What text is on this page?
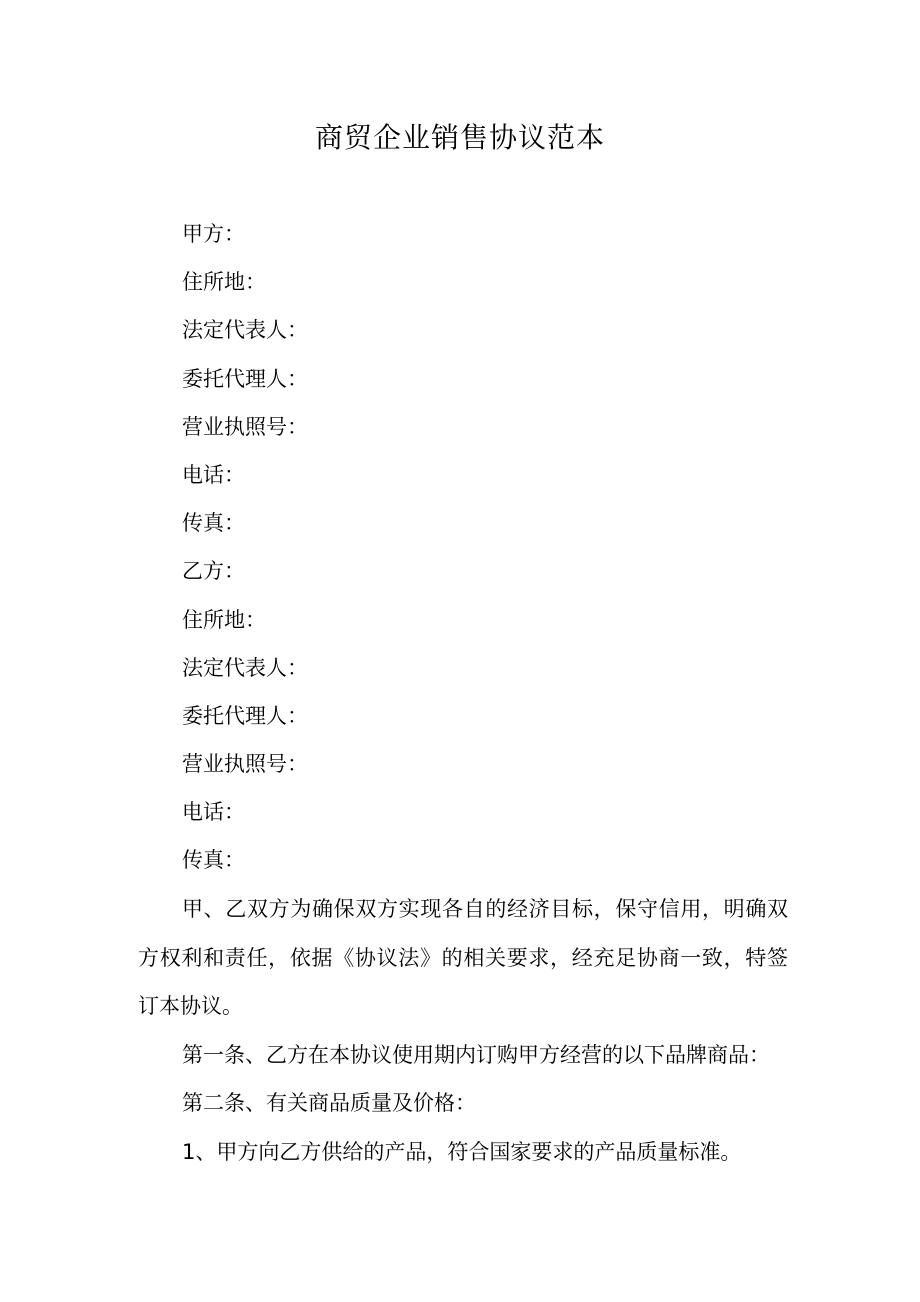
商贸企业销售协议范本
甲方：
住所地：
法定代表人：
委托代理人：
营业执照号：
电话：
传真：
乙方：
住所地：
法定代表人：
委托代理人：
营业执照号：
电话：
传真：

甲、乙双方为确保双方实现各自的经济目标，保守信用，明确双方权利和责任，依据《协议法》的相关要求，经充足协商一致，特签订本协议。

第一条、乙方在本协议使用期内订购甲方经营的以下品牌商品：

第二条、有关商品质量及价格：

1、甲方向乙方供给的产品，符合国家要求的产品质量标准。
